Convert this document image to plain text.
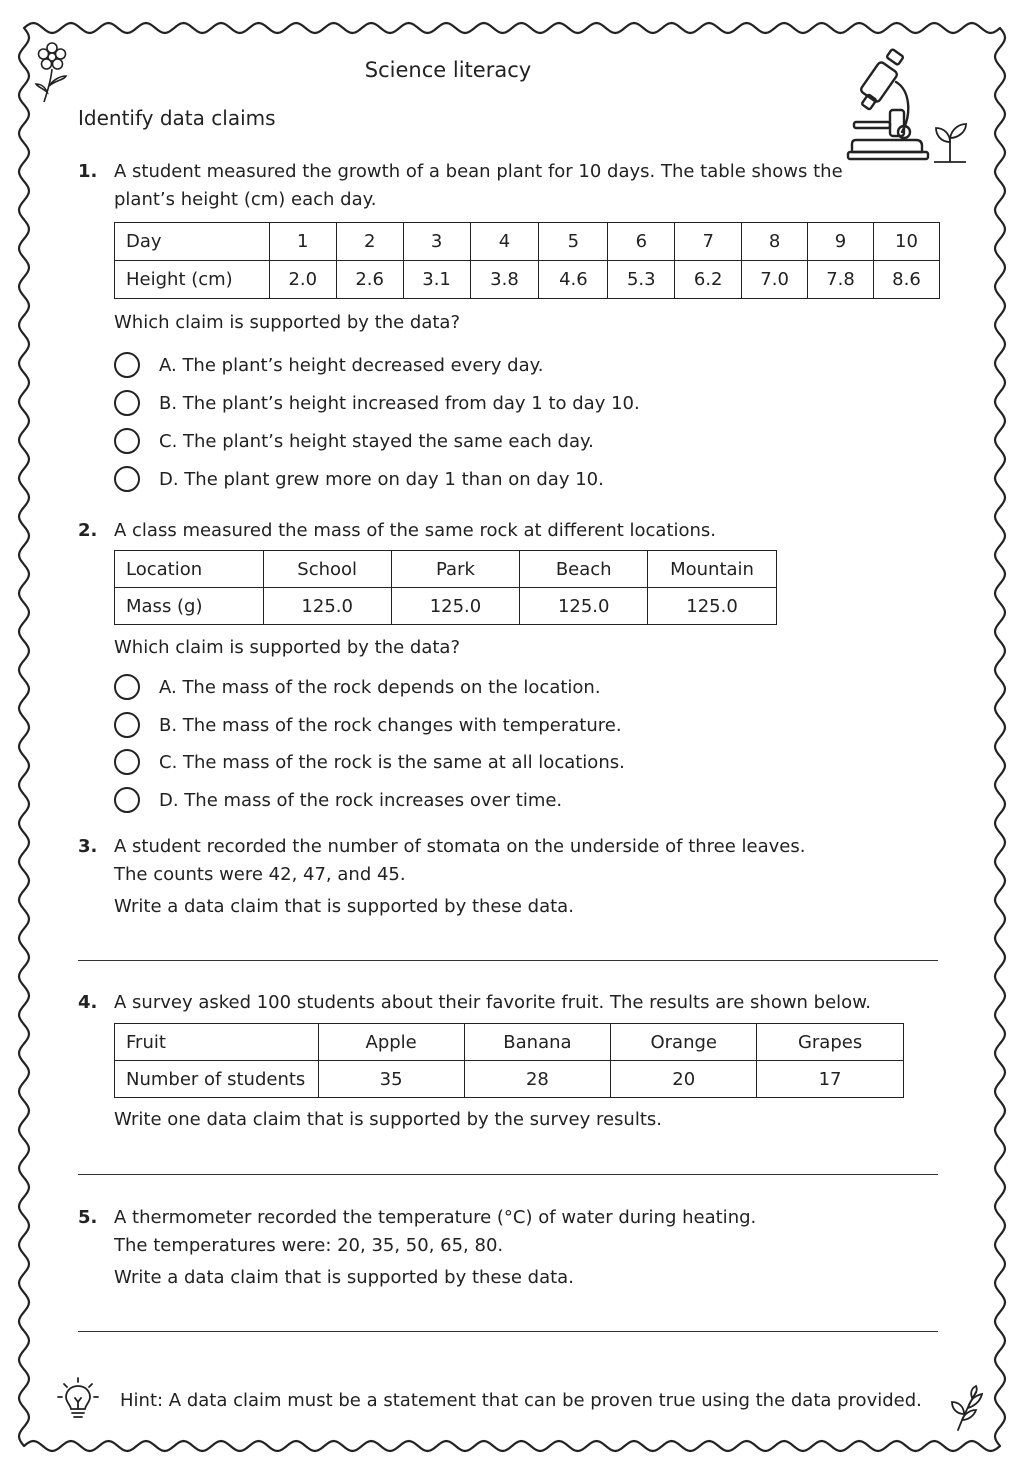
Science literacy
Identify data claims
1. A student measured the growth of a bean plant for 10 days. The table shows the
plant’s height (cm) each day.
Day	1	2	3	4	5	6	7	8	9	10
Height (cm)	2.0	2.6	3.1	3.8	4.6	5.3	6.2	7.0	7.8	8.6
Which claim is supported by the data?
A. The plant’s height decreased every day.
B. The plant’s height increased from day 1 to day 10.
C. The plant’s height stayed the same each day.
D. The plant grew more on day 1 than on day 10.
2. A class measured the mass of the same rock at different locations.
Location	School	Park	Beach	Mountain
Mass (g)	125.0	125.0	125.0	125.0
Which claim is supported by the data?
A. The mass of the rock depends on the location.
B. The mass of the rock changes with temperature.
C. The mass of the rock is the same at all locations.
D. The mass of the rock increases over time.
3. A student recorded the number of stomata on the underside of three leaves.
The counts were 42, 47, and 45.
Write a data claim that is supported by these data.
4. A survey asked 100 students about their favorite fruit. The results are shown below.
Fruit	Apple	Banana	Orange	Grapes
Number of students	35	28	20	17
Write one data claim that is supported by the survey results.
5. A thermometer recorded the temperature (°C) of water during heating.
The temperatures were: 20, 35, 50, 65, 80.
Write a data claim that is supported by these data.
Hint: A data claim must be a statement that can be proven true using the data provided.
